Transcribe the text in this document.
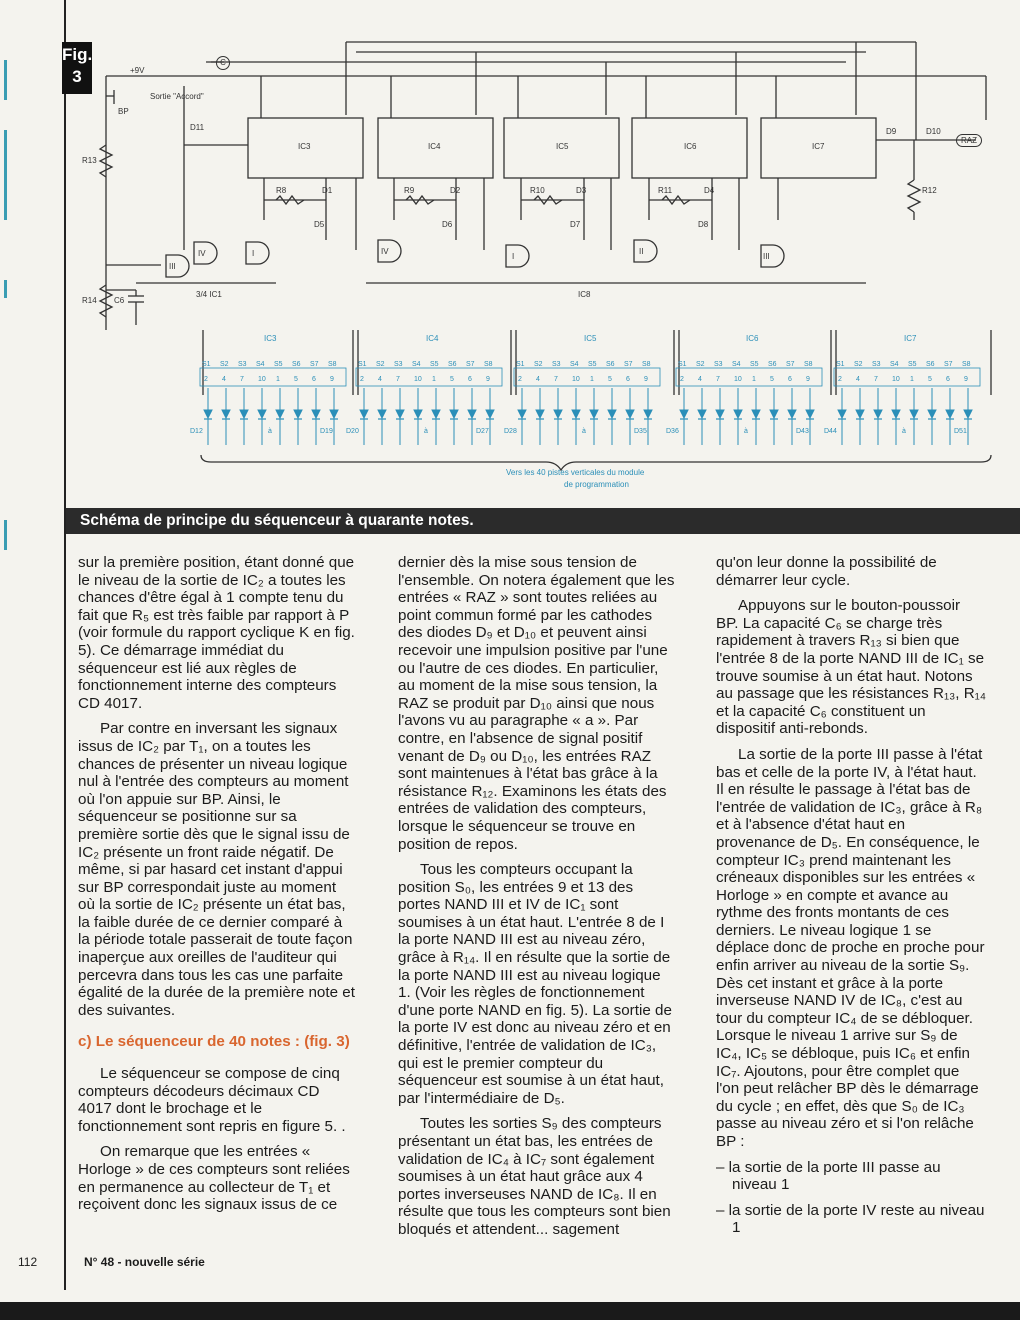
Fig.
3	+9V
Sortie "Accord"
C
RAZ
BP
D11
R13
R14 C6
R12
D9	D10
3/4 IC1	IC8
IC3	IC4	IC5	IC6	IC7
R8	R9	R10	R11
D1	D2	D3	D4
D5	D6	D7	D8
III
IV	I	IV
I
II
III
IC3	IC4	IC5	IC6	IC7
Vers les 40 pistes verticales du module
de programmation
S1 S2 S3 S4 S5 S6 S7 S8
2 4 7 10 1 5 6 9
D12	à	D19
S1 S2 S3 S4 S5 S6 S7 S8
2 4 7 10 1 5 6 9
D20	à	D27
S1 S2 S3 S4 S5 S6 S7 S8
2 4 7 10 1 5 6 9
D28	à	D35
S1 S2 S3 S4 S5 S6 S7 S8
2 4 7 10 1 5 6 9
D36	à	D43
S1 S2 S3 S4 S5 S6 S7 S8
2 4 7 10 1 5 6 9
D44	à	D51
Schéma de principe du séquenceur à quarante notes.

sur la première position, étant donné que le niveau de la sortie de IC₂ a toutes les chances d'être égal à 1 compte tenu du fait que R₅ est très faible par rapport à P (voir formule du rapport cyclique K en fig. 5). Ce démarrage immédiat du séquenceur est lié aux règles de fonctionnement interne des compteurs CD 4017.

Par contre en inversant les signaux issus de IC₂ par T₁, on a toutes les chances de présenter un niveau logique nul à l'entrée des compteurs au moment où l'on appuie sur BP. Ainsi, le séquenceur se positionne sur sa première sortie dès que le signal issu de IC₂ présente un front raide négatif. De même, si par hasard cet instant d'appui sur BP correspondait juste au moment où la sortie de IC₂ présente un état bas, la faible durée de ce dernier comparé à la période totale passerait de toute façon inaperçue aux oreilles de l'auditeur qui percevra dans tous les cas une parfaite égalité de la durée de la première note et des suivantes.

c) Le séquenceur de 40 notes : (fig. 3)

Le séquenceur se compose de cinq compteurs décodeurs décimaux CD 4017 dont le brochage et le fonctionnement sont repris en figure 5. .

On remarque que les entrées « Horloge » de ces compteurs sont reliées en permanence au collecteur de T₁ et reçoivent donc les signaux issus de ce

dernier dès la mise sous tension de l'ensemble. On notera également que les entrées « RAZ » sont toutes reliées au point commun formé par les cathodes des diodes D₉ et D₁₀ et peuvent ainsi recevoir une impulsion positive par l'une ou l'autre de ces diodes. En particulier, au moment de la mise sous tension, la RAZ se produit par D₁₀ ainsi que nous l'avons vu au paragraphe « a ». Par contre, en l'absence de signal positif venant de D₉ ou D₁₀, les entrées RAZ sont maintenues à l'état bas grâce à la résistance R₁₂. Examinons les états des entrées de validation des compteurs, lorsque le séquenceur se trouve en position de repos.

Tous les compteurs occupant la position S₀, les entrées 9 et 13 des portes NAND III et IV de IC₁ sont soumises à un état haut. L'entrée 8 de I la porte NAND III est au niveau zéro, grâce à R₁₄. Il en résulte que la sortie de la porte NAND III est au niveau logique 1. (Voir les règles de fonctionnement d'une porte NAND en fig. 5). La sortie de la porte IV est donc au niveau zéro et en définitive, l'entrée de validation de IC₃, qui est le premier compteur du séquenceur est soumise à un état haut, par l'intermédiaire de D₅.

Toutes les sorties S₉ des compteurs présentant un état bas, les entrées de validation de IC₄ à IC₇ sont également soumises à un état haut grâce aux 4 portes inverseuses NAND de IC₈. Il en résulte que tous les compteurs sont bien bloqués et attendent... sagement

qu'on leur donne la possibilité de démarrer leur cycle.

Appuyons sur le bouton-poussoir BP. La capacité C₆ se charge très rapidement à travers R₁₃ si bien que l'entrée 8 de la porte NAND III de IC₁ se trouve soumise à un état haut. Notons au passage que les résistances R₁₃, R₁₄ et la capacité C₆ constituent un dispositif anti-rebonds.

La sortie de la porte III passe à l'état bas et celle de la porte IV, à l'état haut. Il en résulte le passage à l'état bas de l'entrée de validation de IC₃, grâce à R₈ et à l'absence d'état haut en provenance de D₅. En conséquence, le compteur IC₃ prend maintenant les créneaux disponibles sur les entrées « Horloge » en compte et avance au rythme des fronts montants de ces derniers. Le niveau logique 1 se déplace donc de proche en proche pour enfin arriver au niveau de la sortie S₉. Dès cet instant et grâce à la porte inverseuse NAND IV de IC₈, c'est au tour du compteur IC₄ de se débloquer. Lorsque le niveau 1 arrive sur S₉ de IC₄, IC₅ se débloque, puis IC₆ et enfin IC₇. Ajoutons, pour être complet que l'on peut relâcher BP dès le démarrage du cycle ; en effet, dès que S₀ de IC₃ passe au niveau zéro et si l'on relâche BP :

– la sortie de la porte III passe au niveau 1

– la sortie de la porte IV reste au niveau 1

112	N° 48 - nouvelle série
